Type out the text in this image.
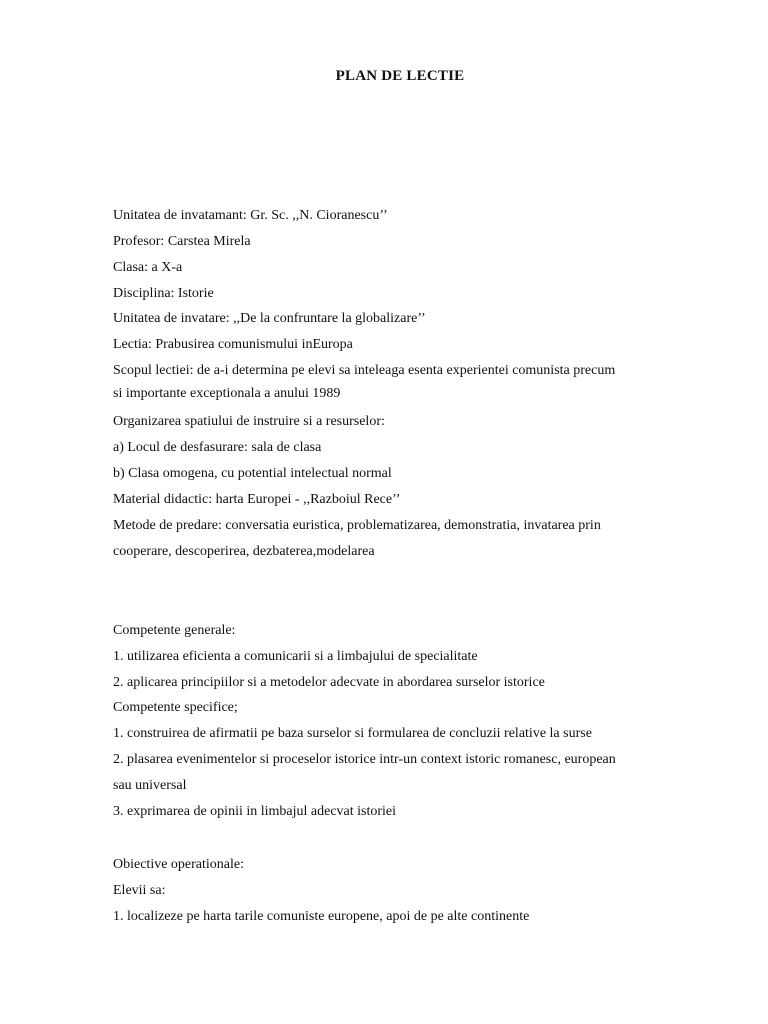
PLAN DE LECTIE
Unitatea de invatamant: Gr. Sc. ,,N. Cioranescu’’
Profesor: Carstea Mirela
Clasa: a X-a
Disciplina: Istorie
Unitatea de invatare: ,,De la confruntare la globalizare’’
Lectia: Prabusirea comunismului inEuropa
Scopul lectiei: de a-i determina pe elevi sa inteleaga esenta experientei comunista precum
si importante exceptionala a anului 1989
Organizarea spatiului de instruire si a resurselor:
a) Locul de desfasurare: sala de clasa
b) Clasa omogena, cu potential intelectual normal
Material didactic: harta Europei - ,,Razboiul Rece’’
Metode de predare: conversatia euristica, problematizarea, demonstratia, invatarea prin
cooperare, descoperirea, dezbaterea,modelarea
Competente generale:
1. utilizarea eficienta a comunicarii si a limbajului de specialitate
2. aplicarea principiilor si a metodelor adecvate in abordarea surselor istorice
Competente specifice;
1. construirea de afirmatii pe baza surselor si formularea de concluzii relative la surse
2. plasarea evenimentelor si proceselor istorice intr-un context istoric romanesc, european
sau universal
3. exprimarea de opinii in limbajul adecvat istoriei
Obiective operationale:
Elevii sa:
1. localizeze pe harta tarile comuniste europene, apoi de pe alte continente
